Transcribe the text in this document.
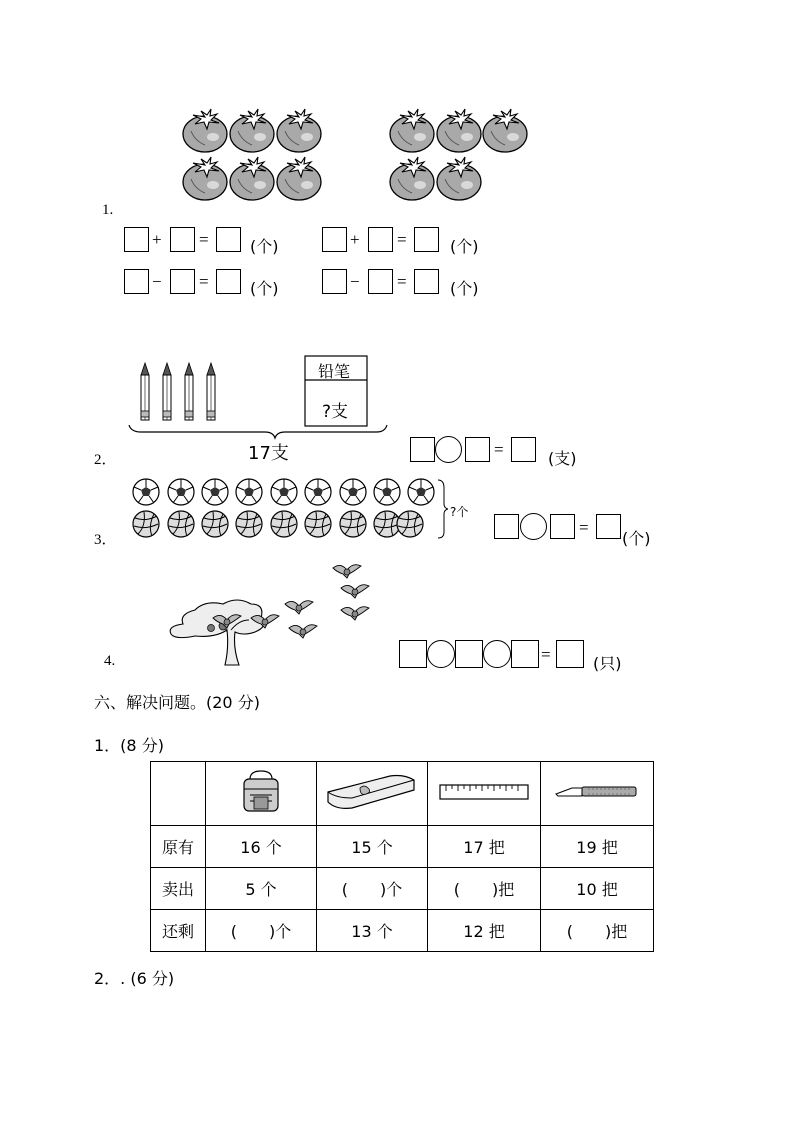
1.
+ =	(个)	+ =	(个)
− =	(个)	− =	(个)
铅笔
?支
17支
2．
=	(支)
?个
3．
=
(个)
4.	=	(只)
六、解决问题。(20 分)
1．(8 分)

原有	16 个	15 个	17 把	19 把
卖出	5 个	(　　)个	(　　)把	10 把
还剩	(　　)个	13 个	12 把	(　　)把
2．. (6 分)
